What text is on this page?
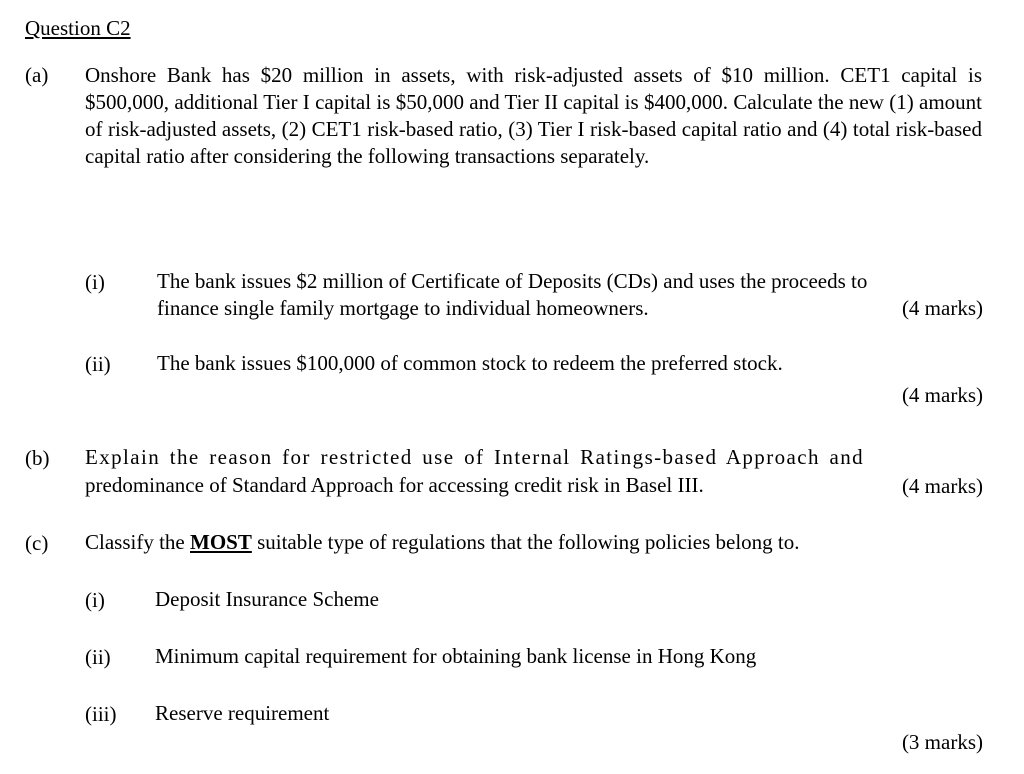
Question C2
(a) Onshore Bank has $20 million in assets, with risk-adjusted assets of $10 million. CET1 capital is $500,000, additional Tier I capital is $50,000 and Tier II capital is $400,000. Calculate the new (1) amount of risk-adjusted assets, (2) CET1 risk-based ratio, (3) Tier I risk-based capital ratio and (4) total risk-based capital ratio after considering the following transactions separately.
(i) The bank issues $2 million of Certificate of Deposits (CDs) and uses the proceeds to
finance single family mortgage to individual homeowners.	(4 marks)
(ii) The bank issues $100,000 of common stock to redeem the preferred stock.
(4 marks)
(b) Explain the reason for restricted use of Internal Ratings-based Approach and
predominance of Standard Approach for accessing credit risk in Basel III.	(4 marks)
(c) Classify the MOST suitable type of regulations that the following policies belong to.
(i) Deposit Insurance Scheme
(ii) Minimum capital requirement for obtaining bank license in Hong Kong
(iii) Reserve requirement
(3 marks)
